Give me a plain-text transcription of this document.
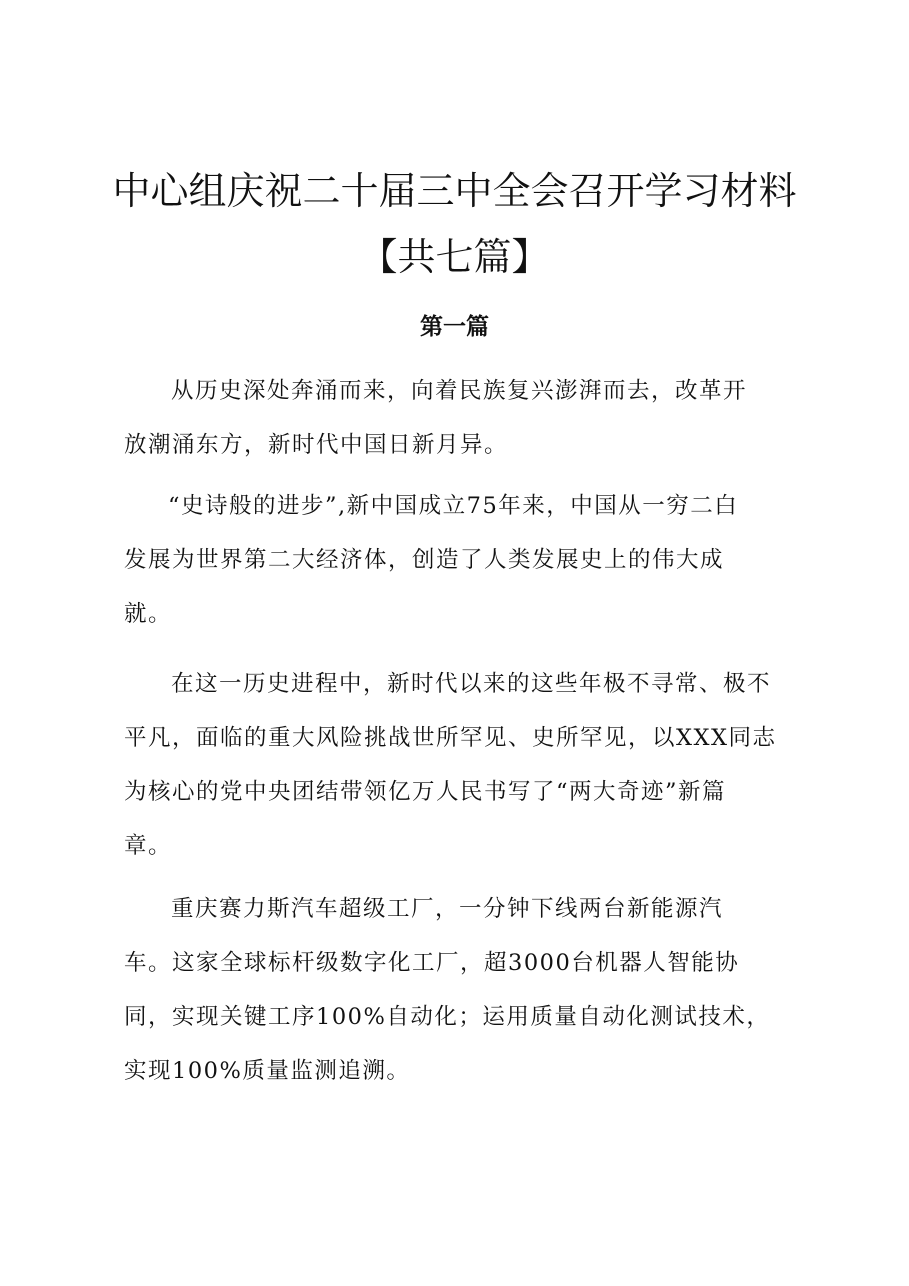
中心组庆祝二十届三中全会召开学习材料
【共七篇】
第一篇

从历史深处奔涌而来，向着民族复兴澎湃而去，改革开
放潮涌东方，新时代中国日新月异。

“史诗般的进步”,新中国成立75年来，中国从一穷二白
发展为世界第二大经济体，创造了人类发展史上的伟大成
就。

在这一历史进程中，新时代以来的这些年极不寻常、极不
平凡，面临的重大风险挑战世所罕见、史所罕见，以XXX同志
为核心的党中央团结带领亿万人民书写了“两大奇迹”新篇
章。

重庆赛力斯汽车超级工厂，一分钟下线两台新能源汽
车。这家全球标杆级数字化工厂，超3000台机器人智能协
同，实现关键工序100%自动化；运用质量自动化测试技术，
实现100%质量监测追溯。
